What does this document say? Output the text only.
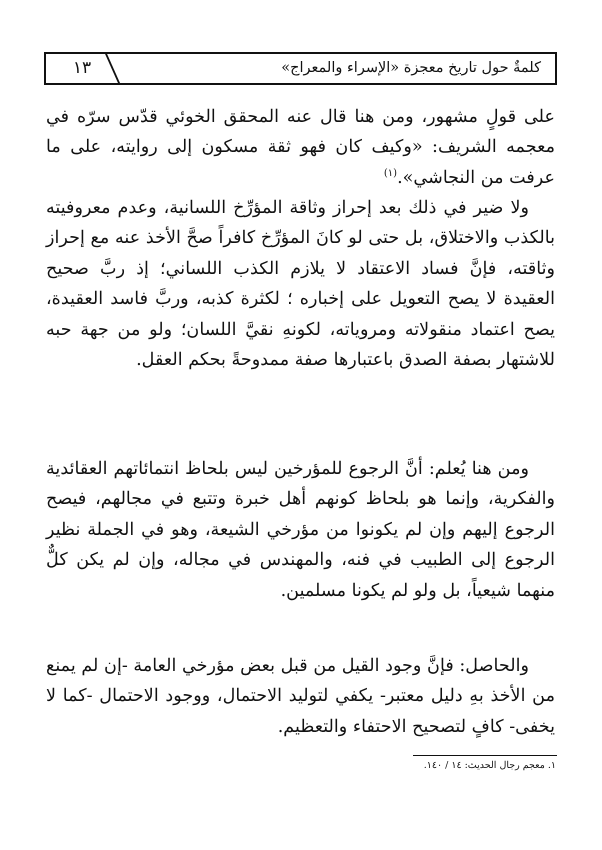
١٣	كلمةٌ حول تاريخ معجزة «الإسراء والمعراج»

على قولٍ مشهور، ومن هنا قال عنه المحقق الخوئي قدّس سرّه في معجمه الشريف: «وكيف كان فهو ثقة مسكون إلى روايته، على ما عرفت من النجاشي».$^{(١)}$

ولا ضير في ذلك بعد إحراز وثاقة المؤرِّخ اللسانية، وعدم معروفيته بالكذب والاختلاق، بل حتى لو كانَ المؤرِّخ كافراً صحَّ الأخذ عنه مع إحراز وثاقته، فإنَّ فساد الاعتقاد لا يلازم الكذب اللساني؛ إذ ربَّ صحيح العقيدة لا يصح التعويل على إخباره ؛ لكثرة كذبه، وربَّ فاسد العقيدة، يصح اعتماد منقولاته ومروياته، لكونهِ نقيَّ اللسان؛ ولو من جهة حبه للاشتهار بصفة الصدق باعتبارها صفة ممدوحةً بحكم العقل.

ومن هنا يُعلم: أنَّ الرجوع للمؤرخين ليس بلحاظ انتمائاتهم العقائدية والفكرية، وإنما هو بلحاظ كونهم أهل خبرة وتتبع في مجالهم، فيصح الرجوع إليهم وإن لم يكونوا من مؤرخي الشيعة، وهو في الجملة نظير الرجوع إلى الطبيب في فنه، والمهندس في مجاله، وإن لم يكن كلٌّ منهما شيعياً، بل ولو لم يكونا مسلمين.

والحاصل: فإنَّ وجود القيل من قبل بعض مؤرخي العامة -إن لم يمنع من الأخذ بهِ دليل معتبر- يكفي لتوليد الاحتمال، ووجود الاحتمال -كما لا يخفى- كافٍ لتصحيح الاحتفاء والتعظيم.

١. معجم رجال الحديث: ١٤ / ١٤٠.
